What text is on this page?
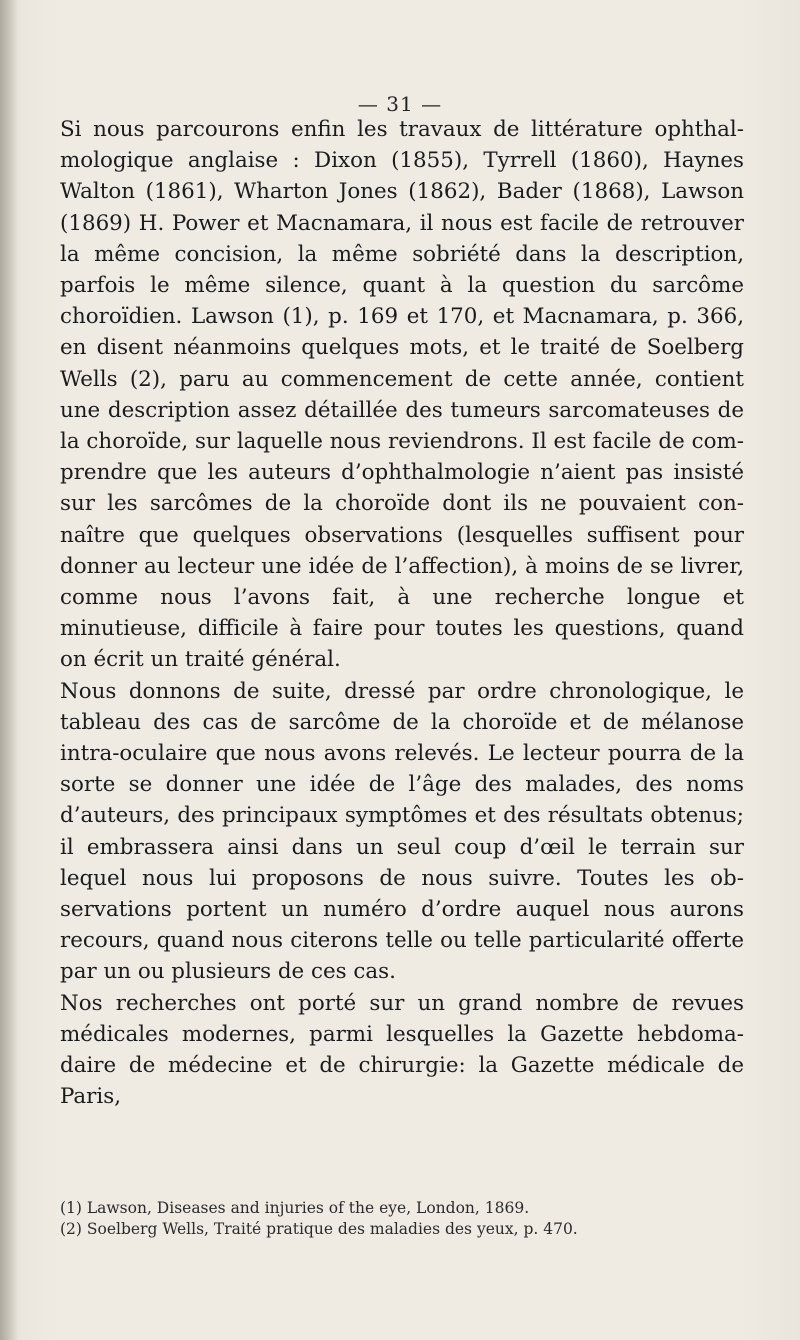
— 31 —

Si nous parcourons enfin les travaux de littérature ophthalmologique anglaise : Dixon (1855), Tyrrell (1860), Haynes Walton (1861), Wharton Jones (1862), Bader (1868), Lawson (1869) H. Power et Macnamara, il nous est facile de retrouver la même concision, la même sobriété dans la description, parfois le même silence, quant à la question du sarcôme choroïdien. Lawson (1), p. 169 et 170, et Macnamara, p. 366, en disent néanmoins quelques mots, et le traité de Soelberg Wells (2), paru au commencement de cette année, contient une description assez détaillée des tumeurs sarcomateuses de la choroïde, sur laquelle nous reviendrons. Il est facile de comprendre que les auteurs d’ophthalmologie n’aient pas insisté sur les sarcômes de la choroïde dont ils ne pouvaient connaître que quelques observations (lesquelles suffisent pour donner au lecteur une idée de l’affection), à moins de se livrer, comme nous l’avons fait, à une recherche longue et minutieuse, difficile à faire pour toutes les questions, quand on écrit un traité général.

Nous donnons de suite, dressé par ordre chronologique, le tableau des cas de sarcôme de la choroïde et de mélanose intra-oculaire que nous avons relevés. Le lecteur pourra de la sorte se donner une idée de l’âge des malades, des noms d’auteurs, des principaux symptômes et des résultats obtenus; il embrassera ainsi dans un seul coup d’œil le terrain sur lequel nous lui proposons de nous suivre. Toutes les observations portent un numéro d’ordre auquel nous aurons recours, quand nous citerons telle ou telle particularité offerte par un ou plusieurs de ces cas.

Nos recherches ont porté sur un grand nombre de revues médicales modernes, parmi lesquelles la Gazette hebdomadaire de médecine et de chirurgie: la Gazette médicale de Paris,

(1) Lawson, Diseases and injuries of the eye, London, 1869.

(2) Soelberg Wells, Traité pratique des maladies des yeux, p. 470.
